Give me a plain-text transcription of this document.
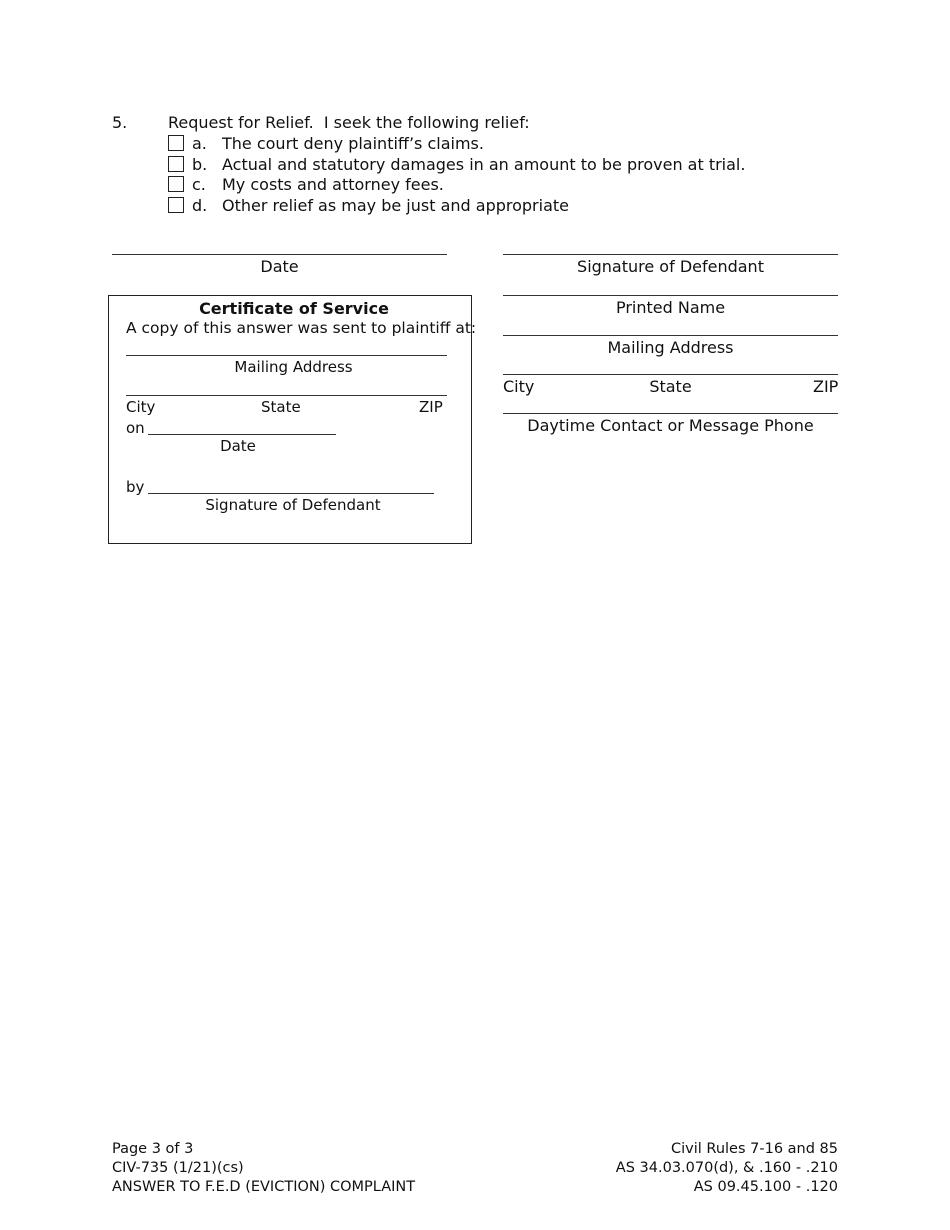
5.	Request for Relief.  I seek the following relief:
a. The court deny plaintiff’s claims.
b. Actual and statutory damages in an amount to be proven at trial.
c.	My costs and attorney fees.
d. Other relief as may be just and appropriate
Date
Certificate of Service
A copy of this answer was sent to plaintiff at:
Mailing Address
City	State	ZIP
on
Date
by
Signature of Defendant
Signature of Defendant
Printed Name
Mailing Address
City	State	ZIP
Daytime Contact or Message Phone
Page 3 of 3
CIV-735 (1/21)(cs)
ANSWER TO F.E.D (EVICTION) COMPLAINT
Civil Rules 7-16 and 85
AS 34.03.070(d), & .160 - .210
AS 09.45.100 - .120
